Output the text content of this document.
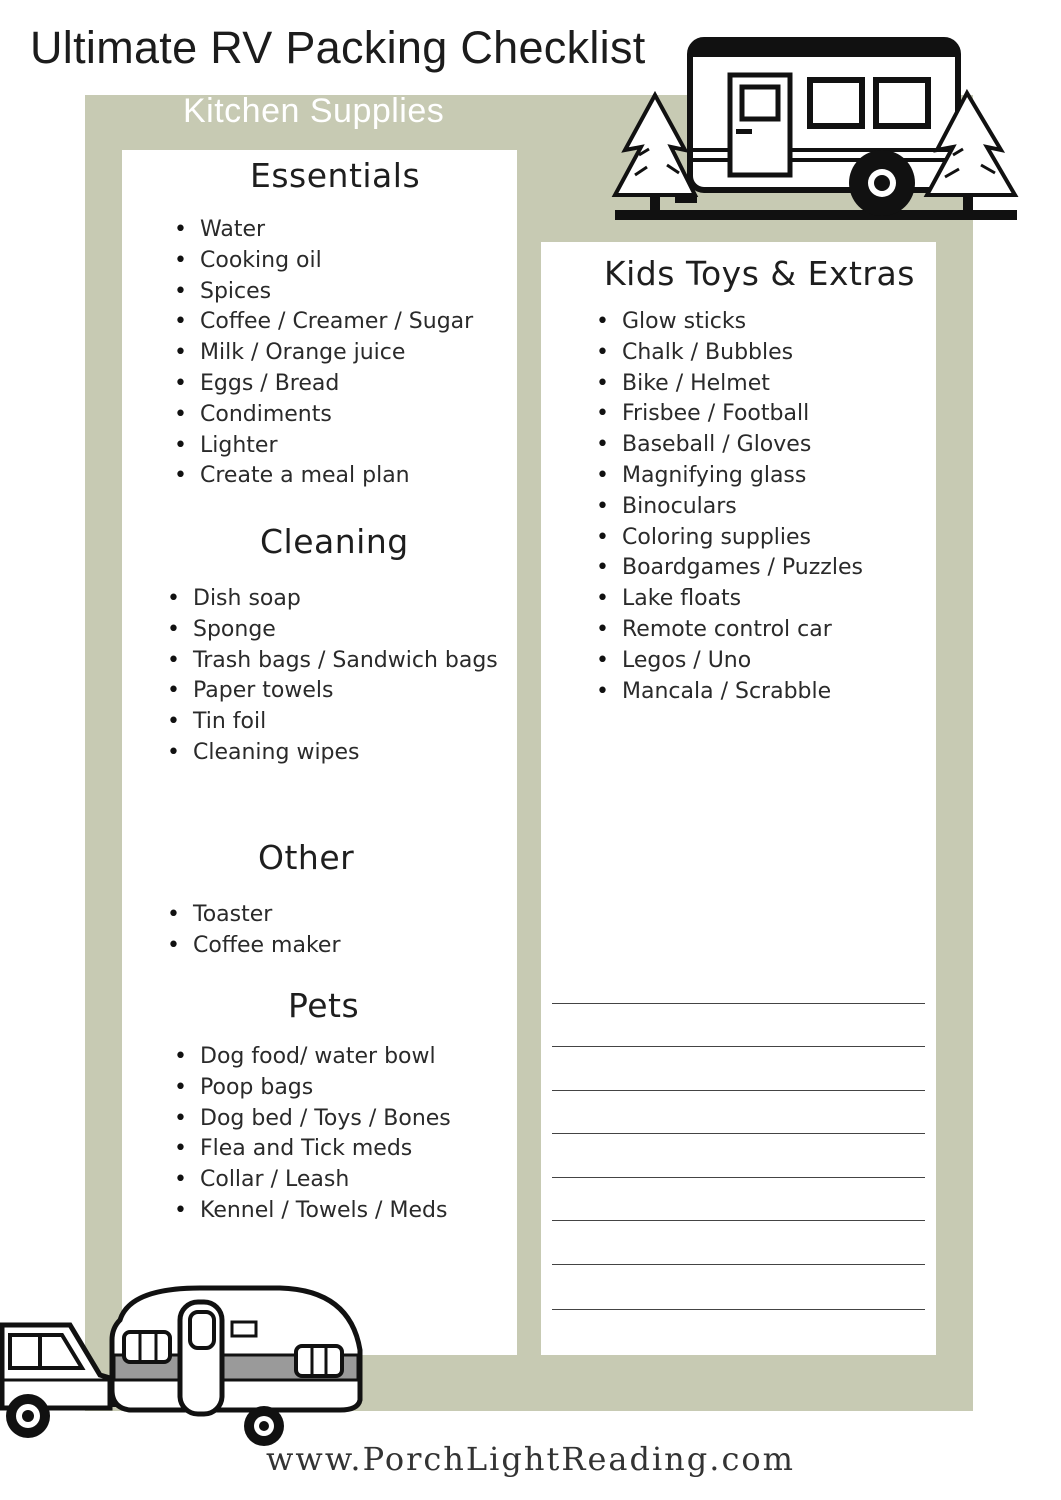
Ultimate RV Packing Checklist
Kitchen Supplies
Essentials
• Water
• Cooking oil
• Spices
• Coffee / Creamer / Sugar
• Milk / Orange juice
• Eggs / Bread
• Condiments
• Lighter
• Create a meal plan
Cleaning
• Dish soap
• Sponge
• Trash bags / Sandwich bags
• Paper towels
• Tin foil
• Cleaning wipes
Other
• Toaster
• Coffee maker
Pets
• Dog food/ water bowl
• Poop bags
• Dog bed / Toys / Bones
• Flea and Tick meds
• Collar / Leash
• Kennel / Towels / Meds
Kids Toys & Extras
• Glow sticks
• Chalk / Bubbles
• Bike / Helmet
• Frisbee / Football
• Baseball / Gloves
• Magnifying glass
• Binoculars
• Coloring supplies
• Boardgames / Puzzles
• Lake floats
• Remote control car
• Legos / Uno
• Mancala / Scrabble
www.PorchLightReading.com
